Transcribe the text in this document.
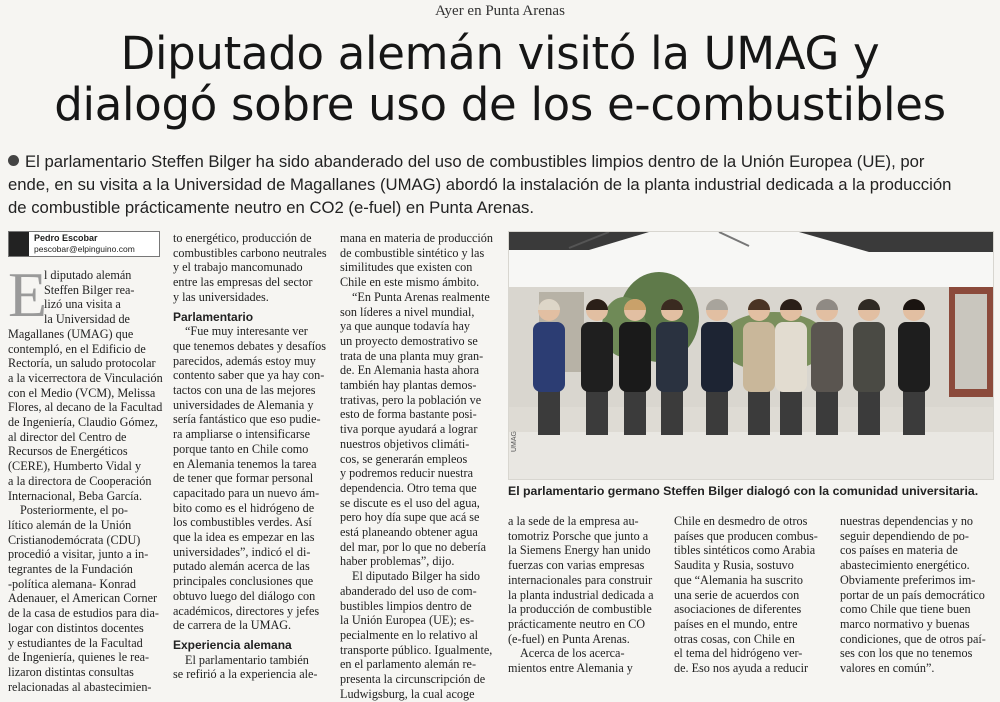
Ayer en Punta Arenas
Diputado alemán visitó la UMAG y
dialogó sobre uso de los e-combustibles
El parlamentario Steffen Bilger ha sido abanderado del uso de combustibles limpios dentro de la Unión Europea (UE), por
ende, en su visita a la Universidad de Magallanes (UMAG) abordó la instalación de la planta industrial dedicada a la producción
de combustible prácticamente neutro en CO2 (e-fuel) en Punta Arenas.
Pedro Escobar
pescobar@elpinguino.com
E
l diputado alemán
Steffen Bilger rea-
lizó una visita a
la Universidad de
Magallanes (UMAG) que
contempló, en el Edificio de
Rectoría, un saludo protocolar
a la vicerrectora de Vinculación
con el Medio (VCM), Melissa
Flores, al decano de la Facultad
de Ingeniería, Claudio Gómez,
al director del Centro de
Recursos de Energéticos
(CERE), Humberto Vidal y
a la directora de Cooperación
Internacional, Beba García.
Posteriormente, el po-
lítico alemán de la Unión
Cristianodemócrata (CDU)
procedió a visitar, junto a in-
tegrantes de la Fundación
-política alemana- Konrad
Adenauer, el American Corner
de la casa de estudios para dia-
logar con distintos docentes
y estudiantes de la Facultad
de Ingeniería, quienes le rea-
lizaron distintas consultas
relacionadas al abastecimien-
to energético, producción de
combustibles carbono neutrales
y el trabajo mancomunado
entre las empresas del sector
y las universidades.
Parlamentario
“Fue muy interesante ver
que tenemos debates y desafíos
parecidos, además estoy muy
contento saber que ya hay con-
tactos con una de las mejores
universidades de Alemania y
sería fantástico que eso pudie-
ra ampliarse o intensificarse
porque tanto en Chile como
en Alemania tenemos la tarea
de tener que formar personal
capacitado para un nuevo ám-
bito como es el hidrógeno de
los combustibles verdes. Así
que la idea es empezar en las
universidades”, indicó el di-
putado alemán acerca de las
principales conclusiones que
obtuvo luego del diálogo con
académicos, directores y jefes
de carrera de la UMAG.
Experiencia alemana
El parlamentario también
se refirió a la experiencia ale-
mana en materia de producción
de combustible sintético y las
similitudes que existen con
Chile en este mismo ámbito.
“En Punta Arenas realmente
son líderes a nivel mundial,
ya que aunque todavía hay
un proyecto demostrativo se
trata de una planta muy gran-
de. En Alemania hasta ahora
también hay plantas demos-
trativas, pero la población ve
esto de forma bastante posi-
tiva porque ayudará a lograr
nuestros objetivos climáti-
cos, se generarán empleos
y podremos reducir nuestra
dependencia. Otro tema que
se discute es el uso del agua,
pero hoy día supe que acá se
está planeando obtener agua
del mar, por lo que no debería
haber problemas”, dijo.
El diputado Bilger ha sido
abanderado del uso de com-
bustibles limpios dentro de
la Unión Europea (UE); es-
pecialmente en lo relativo al
transporte público. Igualmente,
en el parlamento alemán re-
presenta la circunscripción de
Ludwigsburg, la cual acoge
a la sede de la empresa au-
tomotriz Porsche que junto a
la Siemens Energy han unido
fuerzas con varias empresas
internacionales para construir
la planta industrial dedicada a
la producción de combustible
prácticamente neutro en CO
(e-fuel) en Punta Arenas.
Acerca de los acerca-
mientos entre Alemania y
Chile en desmedro de otros
países que producen combus-
tibles sintéticos como Arabia
Saudita y Rusia, sostuvo
que “Alemania ha suscrito
una serie de acuerdos con
asociaciones de diferentes
países en el mundo, entre
otras cosas, con Chile en
el tema del hidrógeno ver-
de. Eso nos ayuda a reducir
nuestras dependencias y no
seguir dependiendo de po-
cos países en materia de
abastecimiento energético.
Obviamente preferimos im-
portar de un país democrático
como Chile que tiene buen
marco normativo y buenas
condiciones, que de otros paí-
ses con los que no tenemos
valores en común”.
UMAG
El parlamentario germano Steffen Bilger dialogó con la comunidad universitaria.
